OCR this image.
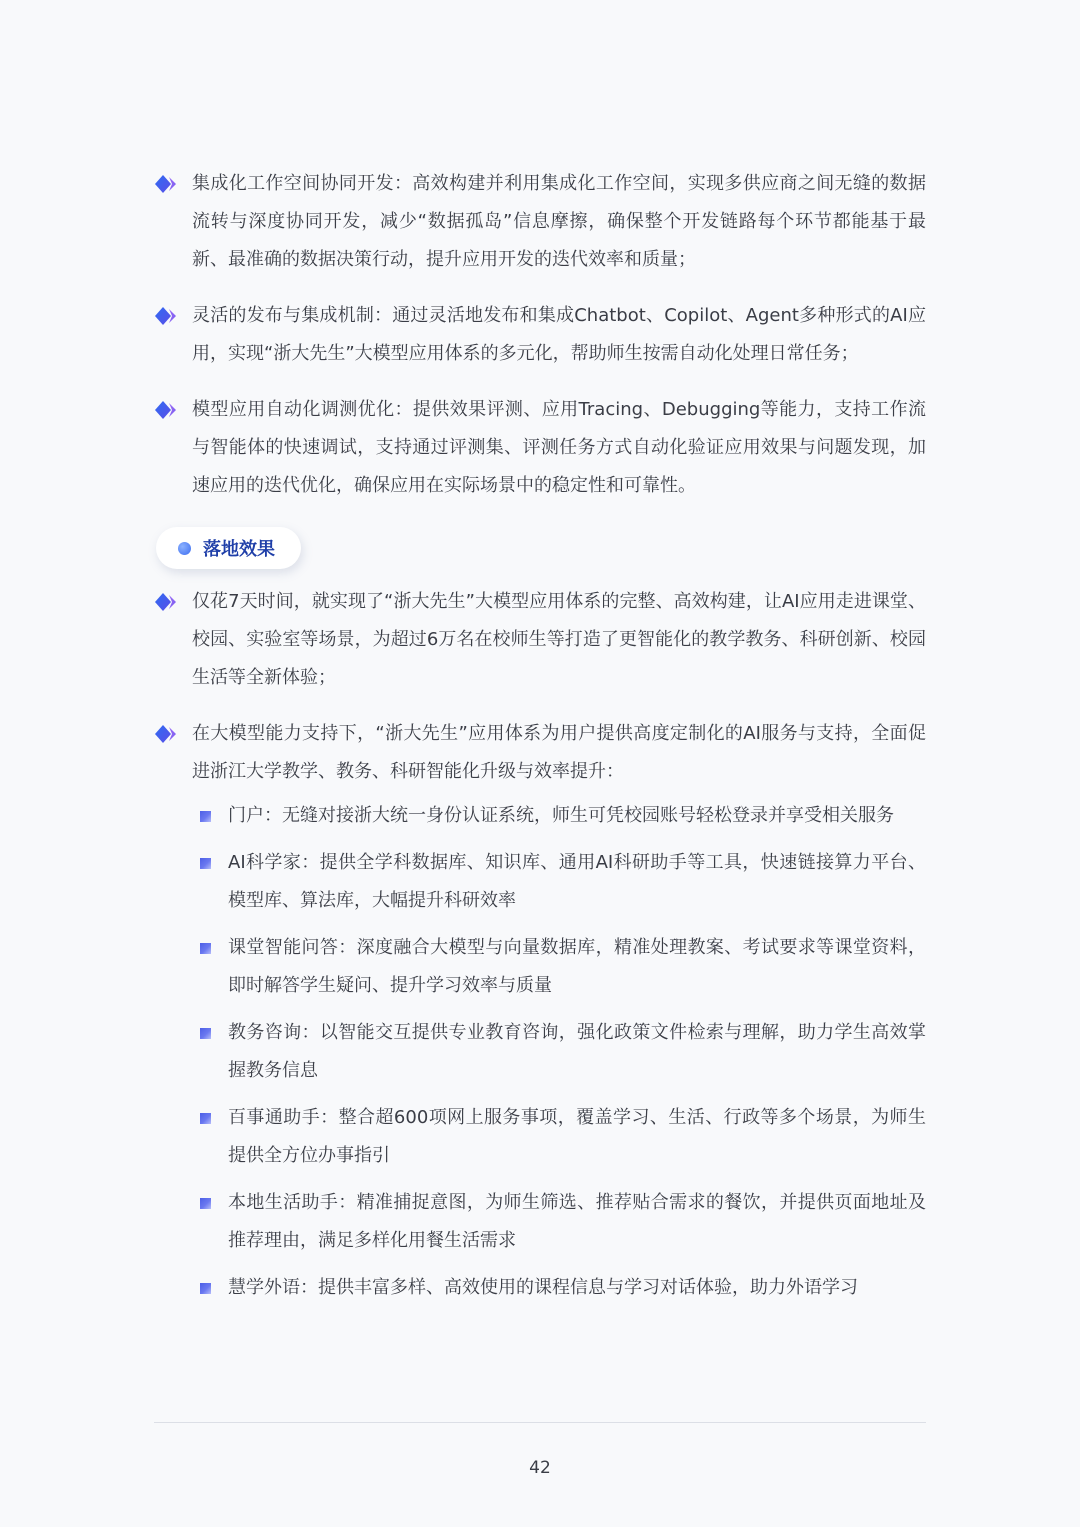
集成化工作空间协同开发：高效构建并利用集成化工作空间，实现多供应商之间无缝的数据流转与深度协同开发，减少“数据孤岛”信息摩擦，确保整个开发链路每个环节都能基于最新、最准确的数据决策行动，提升应用开发的迭代效率和质量；
灵活的发布与集成机制：通过灵活地发布和集成Chatbot、Copilot、Agent多种形式的AI应用，实现“浙大先生”大模型应用体系的多元化，帮助师生按需自动化处理日常任务；
模型应用自动化调测优化：提供效果评测、应用Tracing、Debugging等能力，支持工作流与智能体的快速调试，支持通过评测集、评测任务方式自动化验证应用效果与问题发现，加速应用的迭代优化，确保应用在实际场景中的稳定性和可靠性。
落地效果
仅花7天时间，就实现了“浙大先生”大模型应用体系的完整、高效构建，让AI应用走进课堂、校园、实验室等场景，为超过6万名在校师生等打造了更智能化的教学教务、科研创新、校园生活等全新体验；
在大模型能力支持下，“浙大先生”应用体系为用户提供高度定制化的AI服务与支持，全面促进浙江大学教学、教务、科研智能化升级与效率提升：
门户：无缝对接浙大统一身份认证系统，师生可凭校园账号轻松登录并享受相关服务
AI科学家：提供全学科数据库、知识库、通用AI科研助手等工具，快速链接算力平台、模型库、算法库，大幅提升科研效率
课堂智能问答：深度融合大模型与向量数据库，精准处理教案、考试要求等课堂资料，即时解答学生疑问、提升学习效率与质量
教务咨询：以智能交互提供专业教育咨询，强化政策文件检索与理解，助力学生高效掌握教务信息
百事通助手：整合超600项网上服务事项，覆盖学习、生活、行政等多个场景，为师生提供全方位办事指引
本地生活助手：精准捕捉意图，为师生筛选、推荐贴合需求的餐饮，并提供页面地址及推荐理由，满足多样化用餐生活需求
慧学外语：提供丰富多样、高效使用的课程信息与学习对话体验，助力外语学习
42
